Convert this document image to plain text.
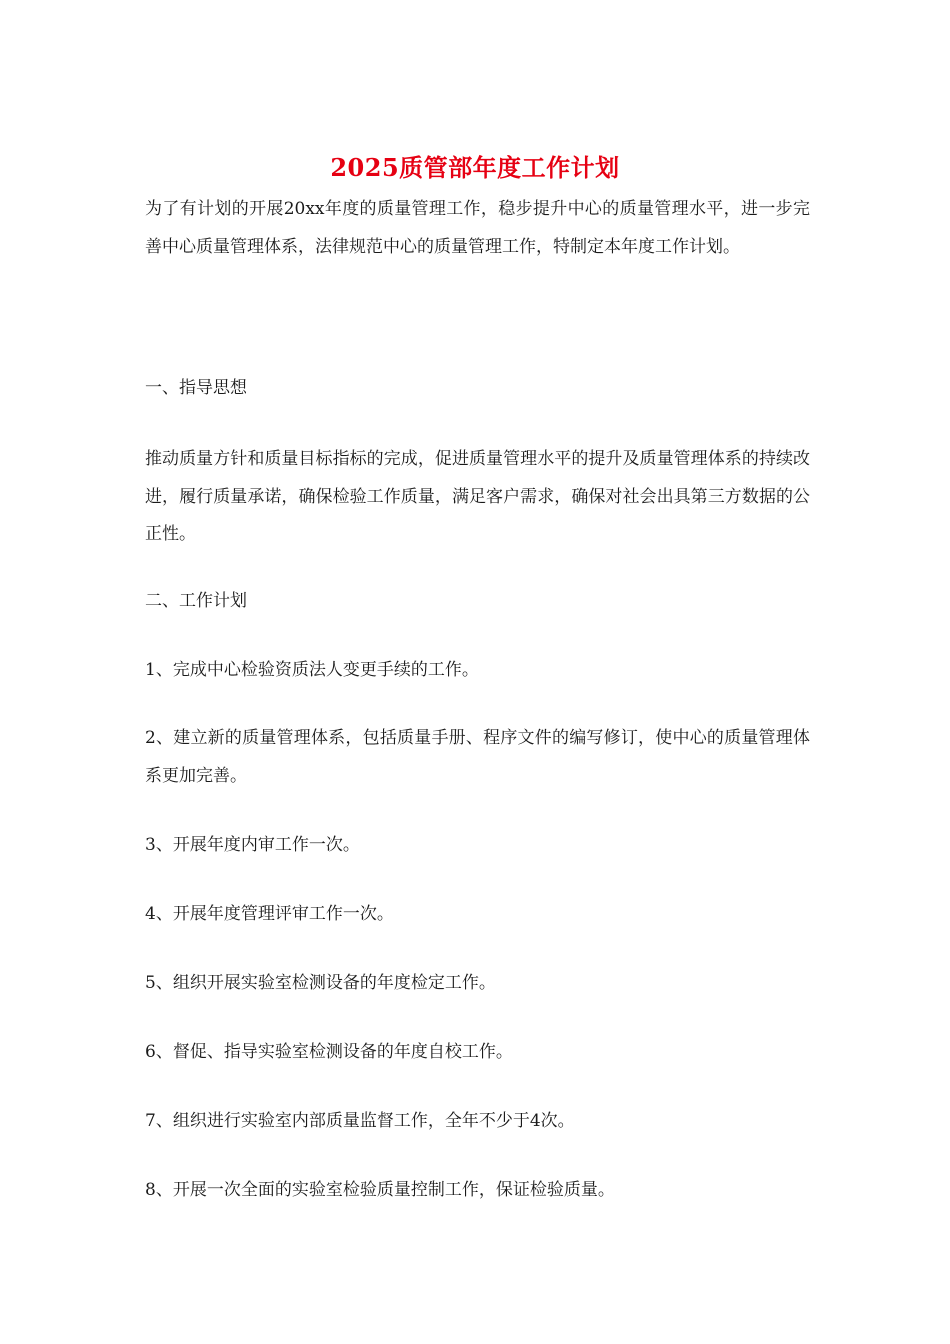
2025质管部年度工作计划
为了有计划的开展20xx年度的质量管理工作，稳步提升中心的质量管理水平，进一步完善中心质量管理体系，法律规范中心的质量管理工作，特制定本年度工作计划。
一、指导思想
推动质量方针和质量目标指标的完成，促进质量管理水平的提升及质量管理体系的持续改进，履行质量承诺，确保检验工作质量，满足客户需求，确保对社会出具第三方数据的公正性。
二、工作计划
1、完成中心检验资质法人变更手续的工作。
2、建立新的质量管理体系，包括质量手册、程序文件的编写修订，使中心的质量管理体系更加完善。
3、开展年度内审工作一次。
4、开展年度管理评审工作一次。
5、组织开展实验室检测设备的年度检定工作。
6、督促、指导实验室检测设备的年度自校工作。
7、组织进行实验室内部质量监督工作，全年不少于4次。
8、开展一次全面的实验室检验质量控制工作，保证检验质量。
